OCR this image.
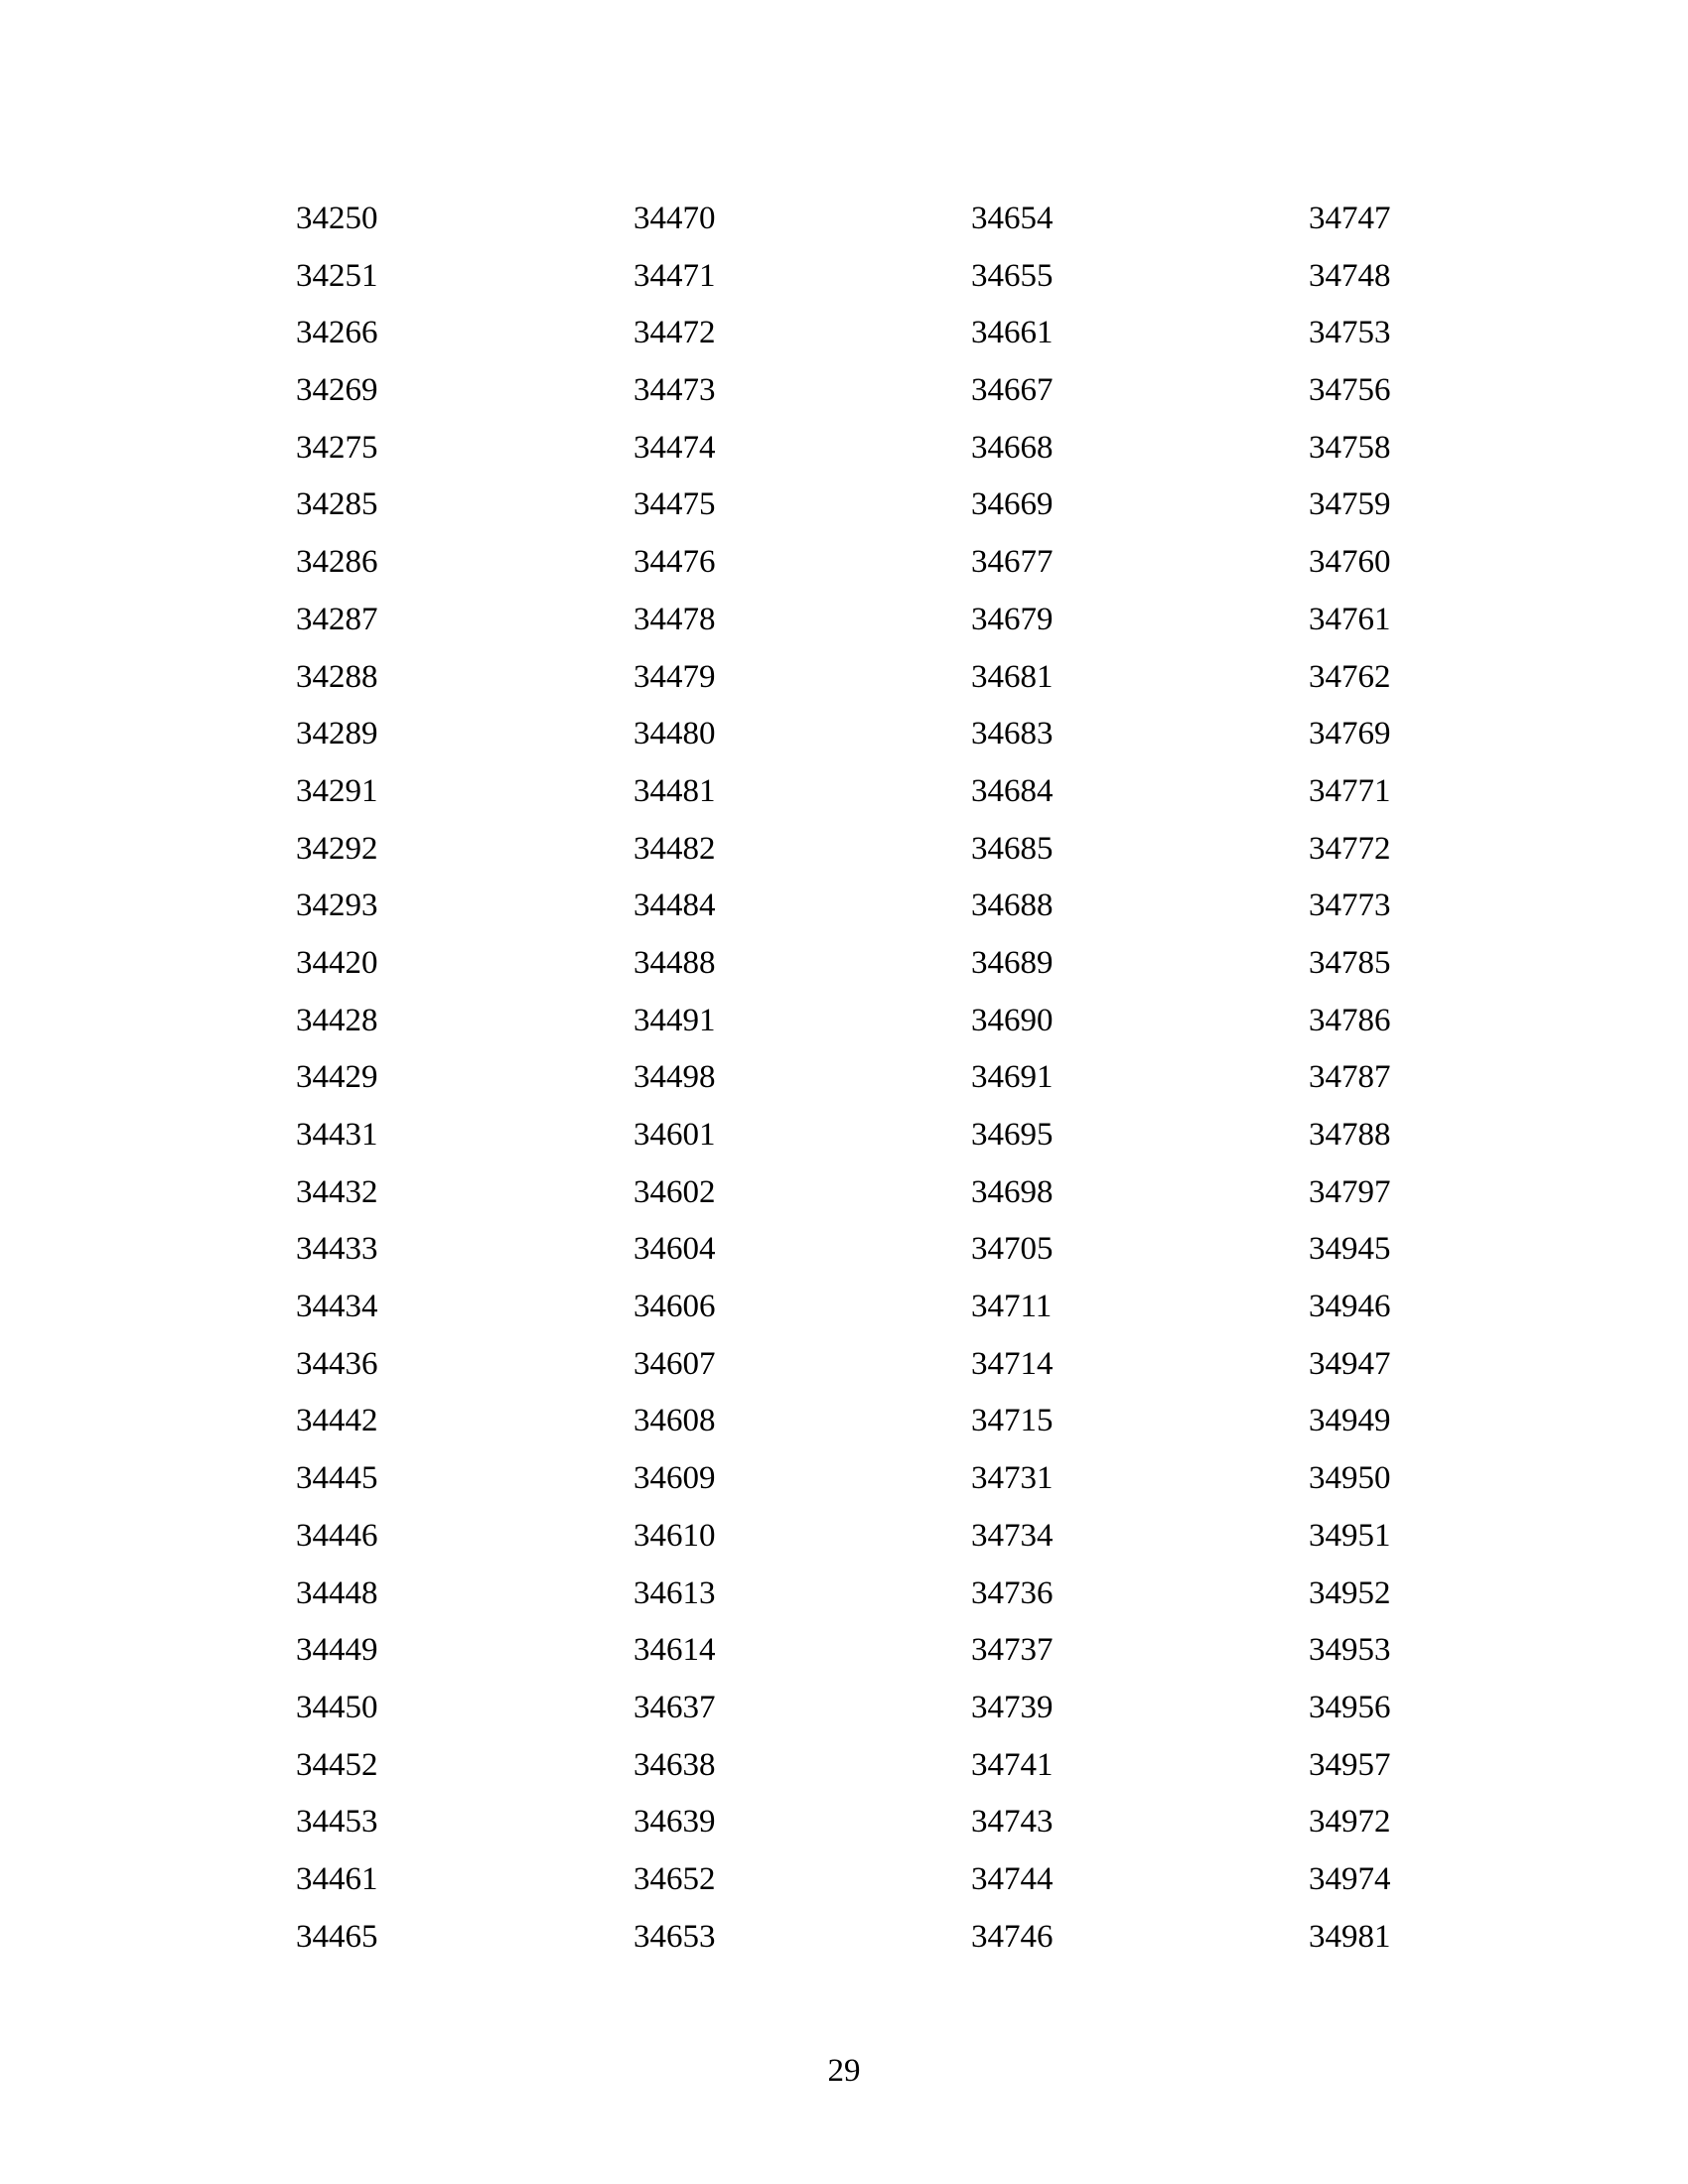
34250
34251
34266
34269
34275
34285
34286
34287
34288
34289
34291
34292
34293
34420
34428
34429
34431
34432
34433
34434
34436
34442
34445
34446
34448
34449
34450
34452
34453
34461
34465
34470
34471
34472
34473
34474
34475
34476
34478
34479
34480
34481
34482
34484
34488
34491
34498
34601
34602
34604
34606
34607
34608
34609
34610
34613
34614
34637
34638
34639
34652
34653
34654
34655
34661
34667
34668
34669
34677
34679
34681
34683
34684
34685
34688
34689
34690
34691
34695
34698
34705
34711
34714
34715
34731
34734
34736
34737
34739
34741
34743
34744
34746
34747
34748
34753
34756
34758
34759
34760
34761
34762
34769
34771
34772
34773
34785
34786
34787
34788
34797
34945
34946
34947
34949
34950
34951
34952
34953
34956
34957
34972
34974
34981
29
